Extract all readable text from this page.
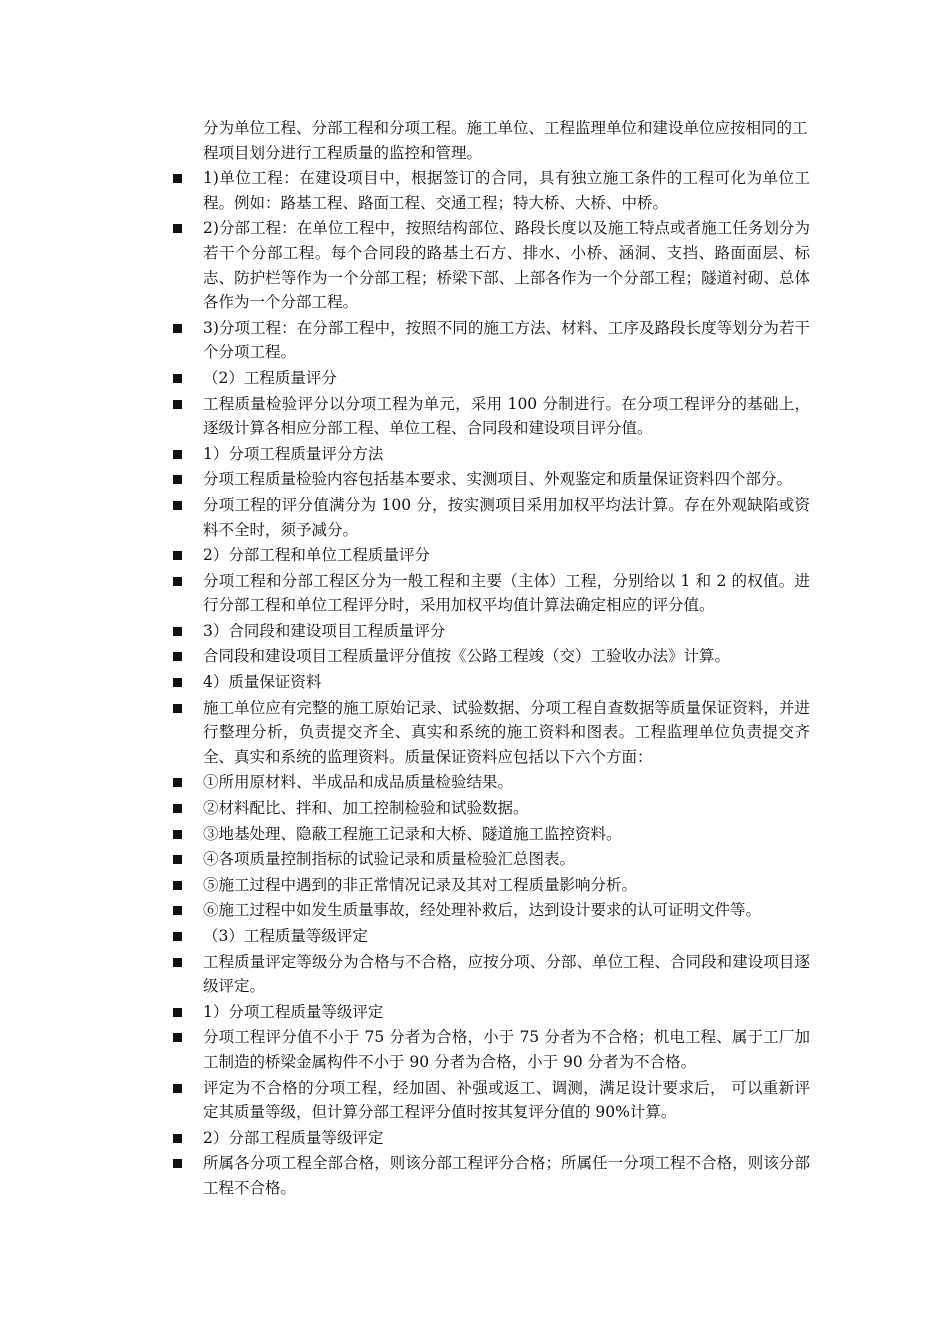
分为单位工程、分部工程和分项工程。施工单位、工程监理单位和建设单位应按相同的工程项目划分进行工程质量的监控和管理。

1)单位工程：在建设项目中，根据签订的合同，具有独立施工条件的工程可化为单位工程。例如：路基工程、路面工程、交通工程；特大桥、大桥、中桥。
2)分部工程：在单位工程中，按照结构部位、路段长度以及施工特点或者施工任务划分为若干个分部工程。每个合同段的路基土石方、排水、小桥、涵洞、支挡、路面面层、标志、防护栏等作为一个分部工程；桥梁下部、上部各作为一个分部工程；隧道衬砌、总体各作为一个分部工程。
3)分项工程：在分部工程中，按照不同的施工方法、材料、工序及路段长度等划分为若干个分项工程。
（2）工程质量评分
工程质量检验评分以分项工程为单元，采用 100 分制进行。在分项工程评分的基础上，逐级计算各相应分部工程、单位工程、合同段和建设项目评分值。
1）分项工程质量评分方法
分项工程质量检验内容包括基本要求、实测项目、外观鉴定和质量保证资料四个部分。
分项工程的评分值满分为 100 分，按实测项目采用加权平均法计算。存在外观缺陷或资料不全时，须予减分。
2）分部工程和单位工程质量评分
分项工程和分部工程区分为一般工程和主要（主体）工程，分别给以 1 和 2 的权值。进行分部工程和单位工程评分时，采用加权平均值计算法确定相应的评分值。
3）合同段和建设项目工程质量评分
合同段和建设项目工程质量评分值按《公路工程竣（交）工验收办法》计算。
4）质量保证资料
施工单位应有完整的施工原始记录、试验数据、分项工程自查数据等质量保证资料，并进行整理分析，负责提交齐全、真实和系统的施工资料和图表。工程监理单位负责提交齐全、真实和系统的监理资料。质量保证资料应包括以下六个方面：
①所用原材料、半成品和成品质量检验结果。
②材料配比、拌和、加工控制检验和试验数据。
③地基处理、隐蔽工程施工记录和大桥、隧道施工监控资料。
④各项质量控制指标的试验记录和质量检验汇总图表。
⑤施工过程中遇到的非正常情况记录及其对工程质量影响分析。
⑥施工过程中如发生质量事故，经处理补救后，达到设计要求的认可证明文件等。
（3）工程质量等级评定
工程质量评定等级分为合格与不合格，应按分项、分部、单位工程、合同段和建设项目逐级评定。
1）分项工程质量等级评定
分项工程评分值不小于 75 分者为合格，小于 75 分者为不合格；机电工程、属于工厂加工制造的桥梁金属构件不小于 90 分者为合格，小于 90 分者为不合格。
评定为不合格的分项工程，经加固、补强或返工、调测，满足设计要求后， 可以重新评定其质量等级，但计算分部工程评分值时按其复评分值的 90%计算。
2）分部工程质量等级评定
所属各分项工程全部合格，则该分部工程评分合格；所属任一分项工程不合格，则该分部工程不合格。
